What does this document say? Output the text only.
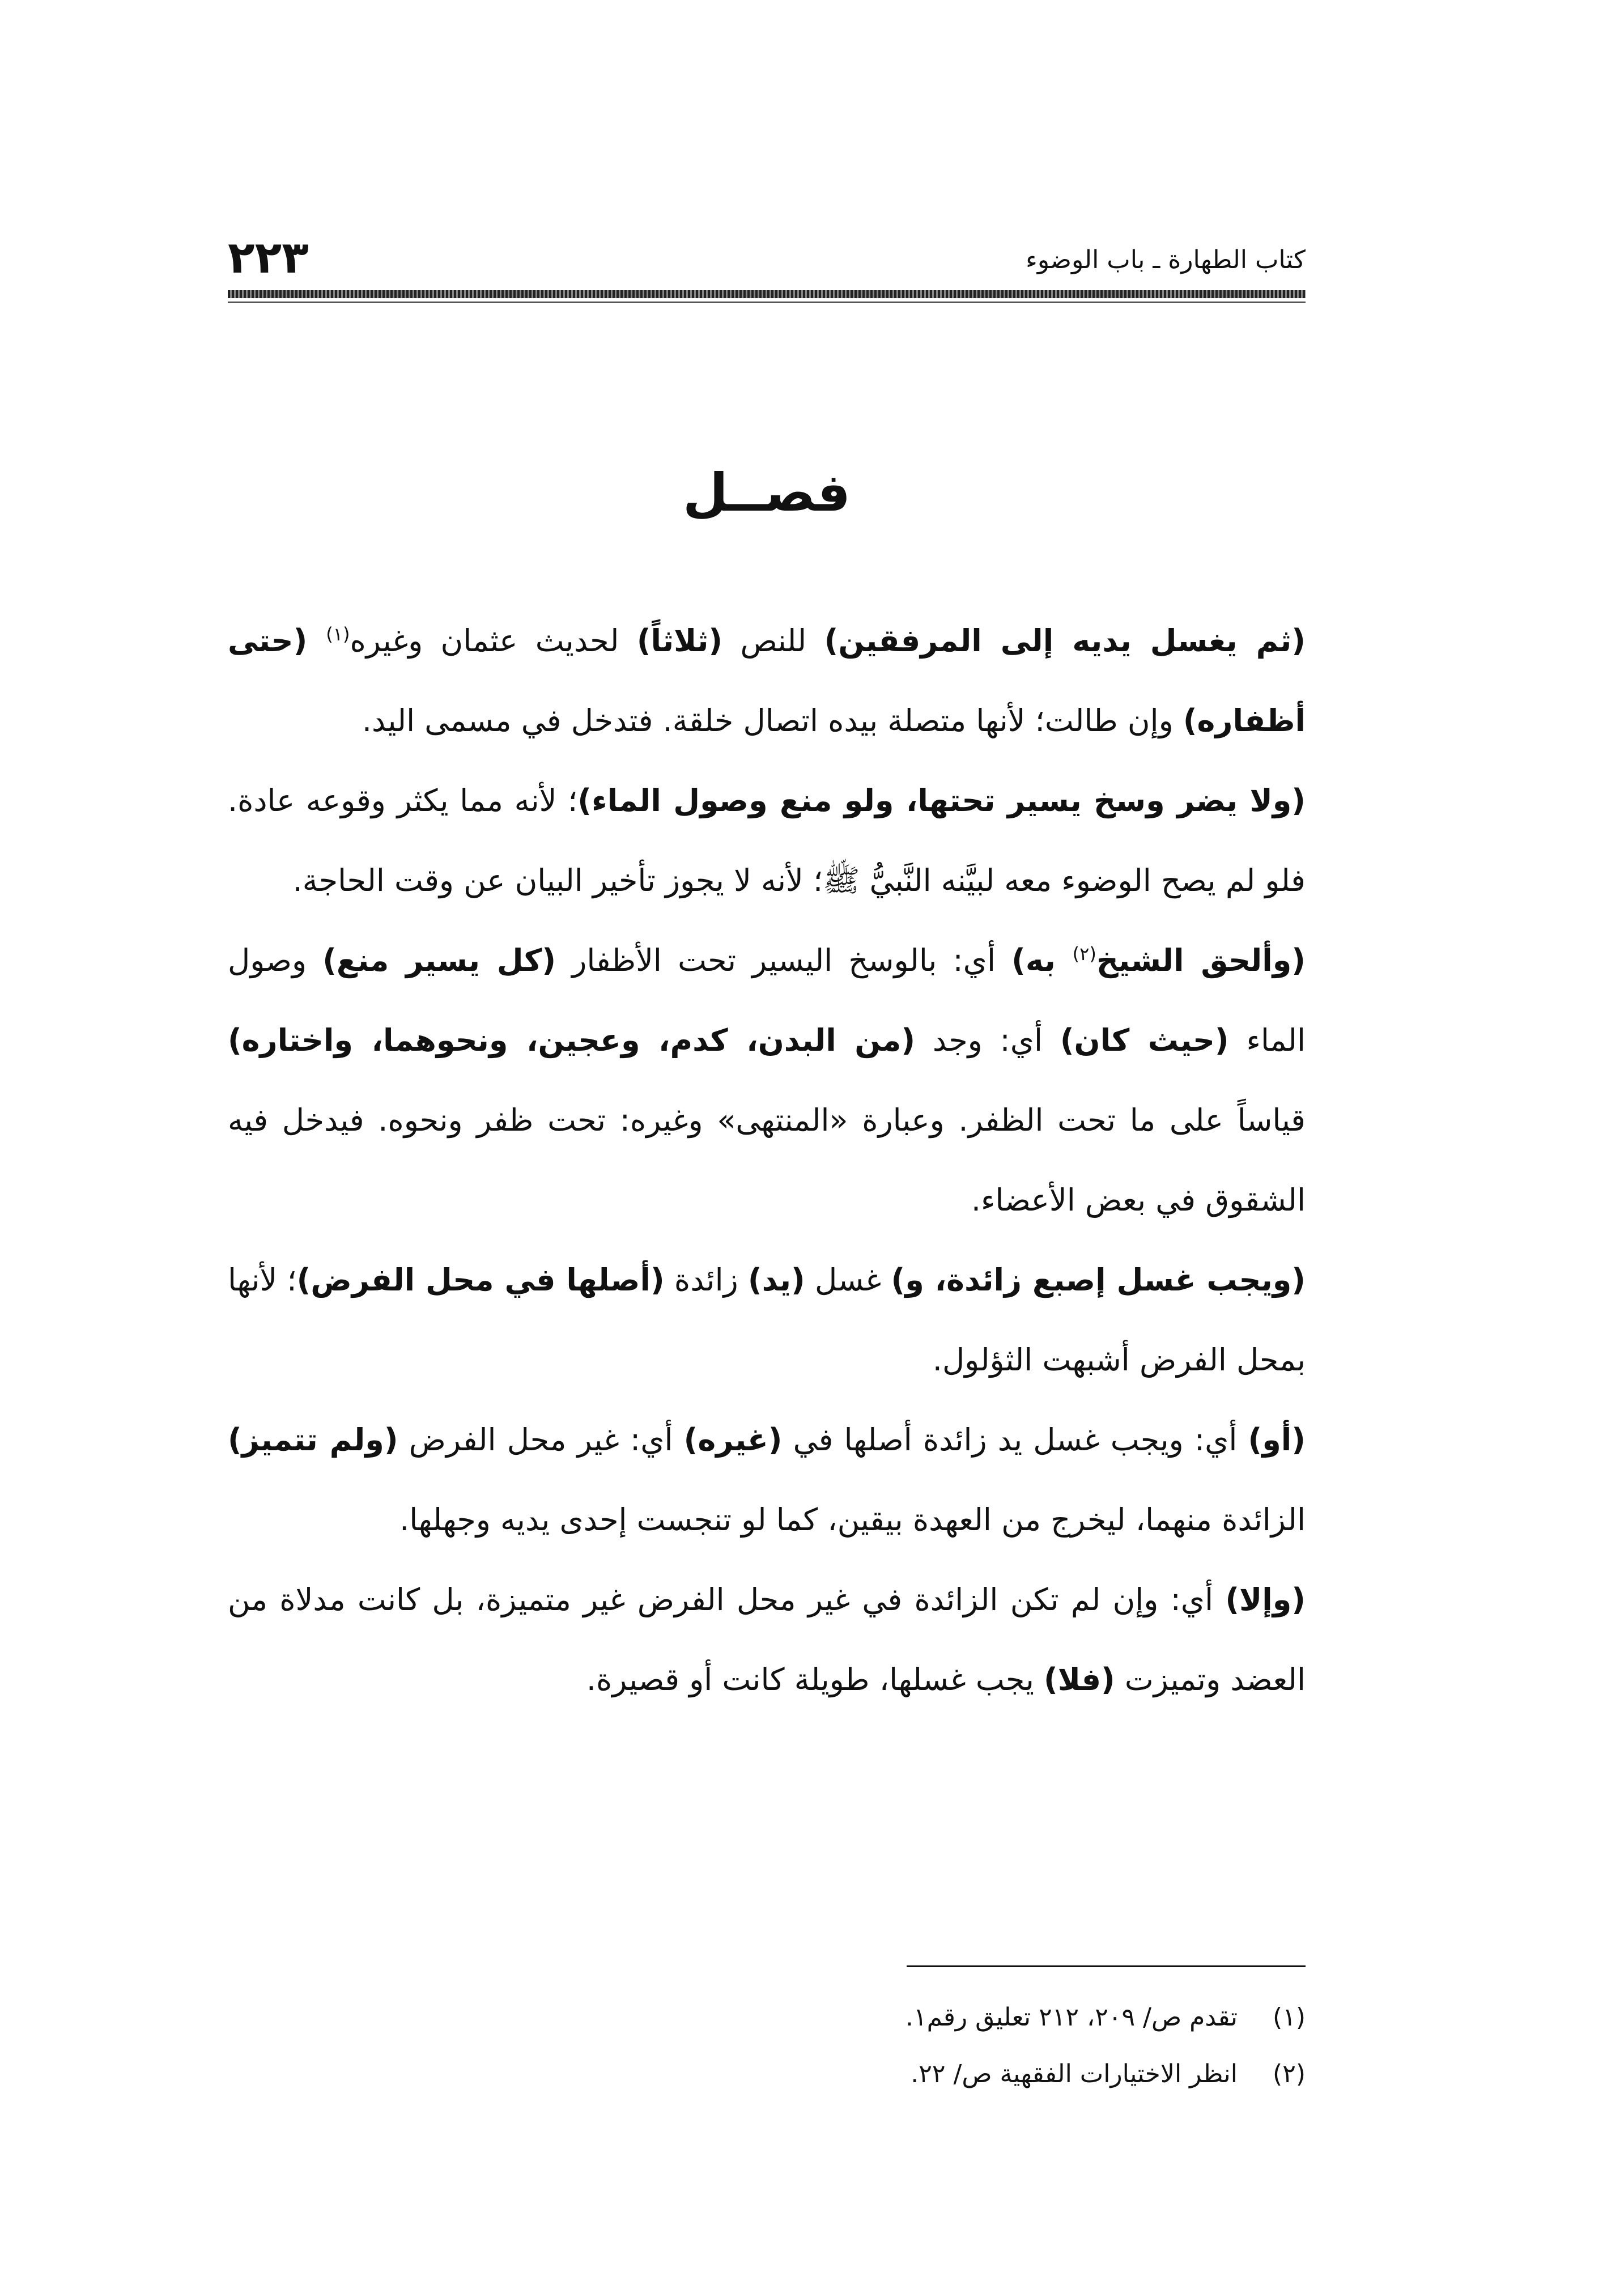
٢٢٣	كتاب الطهارة ـ باب الوضوء
فصــل

(ثم يغسل يديه إلى المرفقين) للنص (ثلاثاً) لحديث عثمان وغيره$^{(١)}$ (حتى أظفاره) وإن طالت؛ لأنها متصلة بيده اتصال خلقة. فتدخل في مسمى اليد.

(ولا يضر وسخ يسير تحتها، ولو منع وصول الماء)؛ لأنه مما يكثر وقوعه عادة. فلو لم يصح الوضوء معه لبيَّنه النَّبيُّ ﷺ؛ لأنه لا يجوز تأخير البيان عن وقت الحاجة.

(وألحق الشيخ$^{(٢)}$ به) أي: بالوسخ اليسير تحت الأظفار (كل يسير منع) وصول الماء (حيث كان) أي: وجد (من البدن، كدم، وعجين، ونحوهما، واختاره) قياساً على ما تحت الظفر. وعبارة «المنتهى» وغيره: تحت ظفر ونحوه. فيدخل فيه الشقوق في بعض الأعضاء.

(ويجب غسل إصبع زائدة، و) غسل (يد) زائدة (أصلها في محل الفرض)؛ لأنها بمحل الفرض أشبهت الثؤلول.

(أو) أي: ويجب غسل يد زائدة أصلها في (غيره) أي: غير محل الفرض (ولم تتميز) الزائدة منهما، ليخرج من العهدة بيقين، كما لو تنجست إحدى يديه وجهلها.

(وإلا) أي: وإن لم تكن الزائدة في غير محل الفرض غير متميزة، بل كانت مدلاة من العضد وتميزت (فلا) يجب غسلها، طويلة كانت أو قصيرة.

(١)
تقدم ص/ ٢٠٩، ٢١٢ تعليق رقم١.
(٢)
انظر الاختيارات الفقهية ص/ ٢٢.
